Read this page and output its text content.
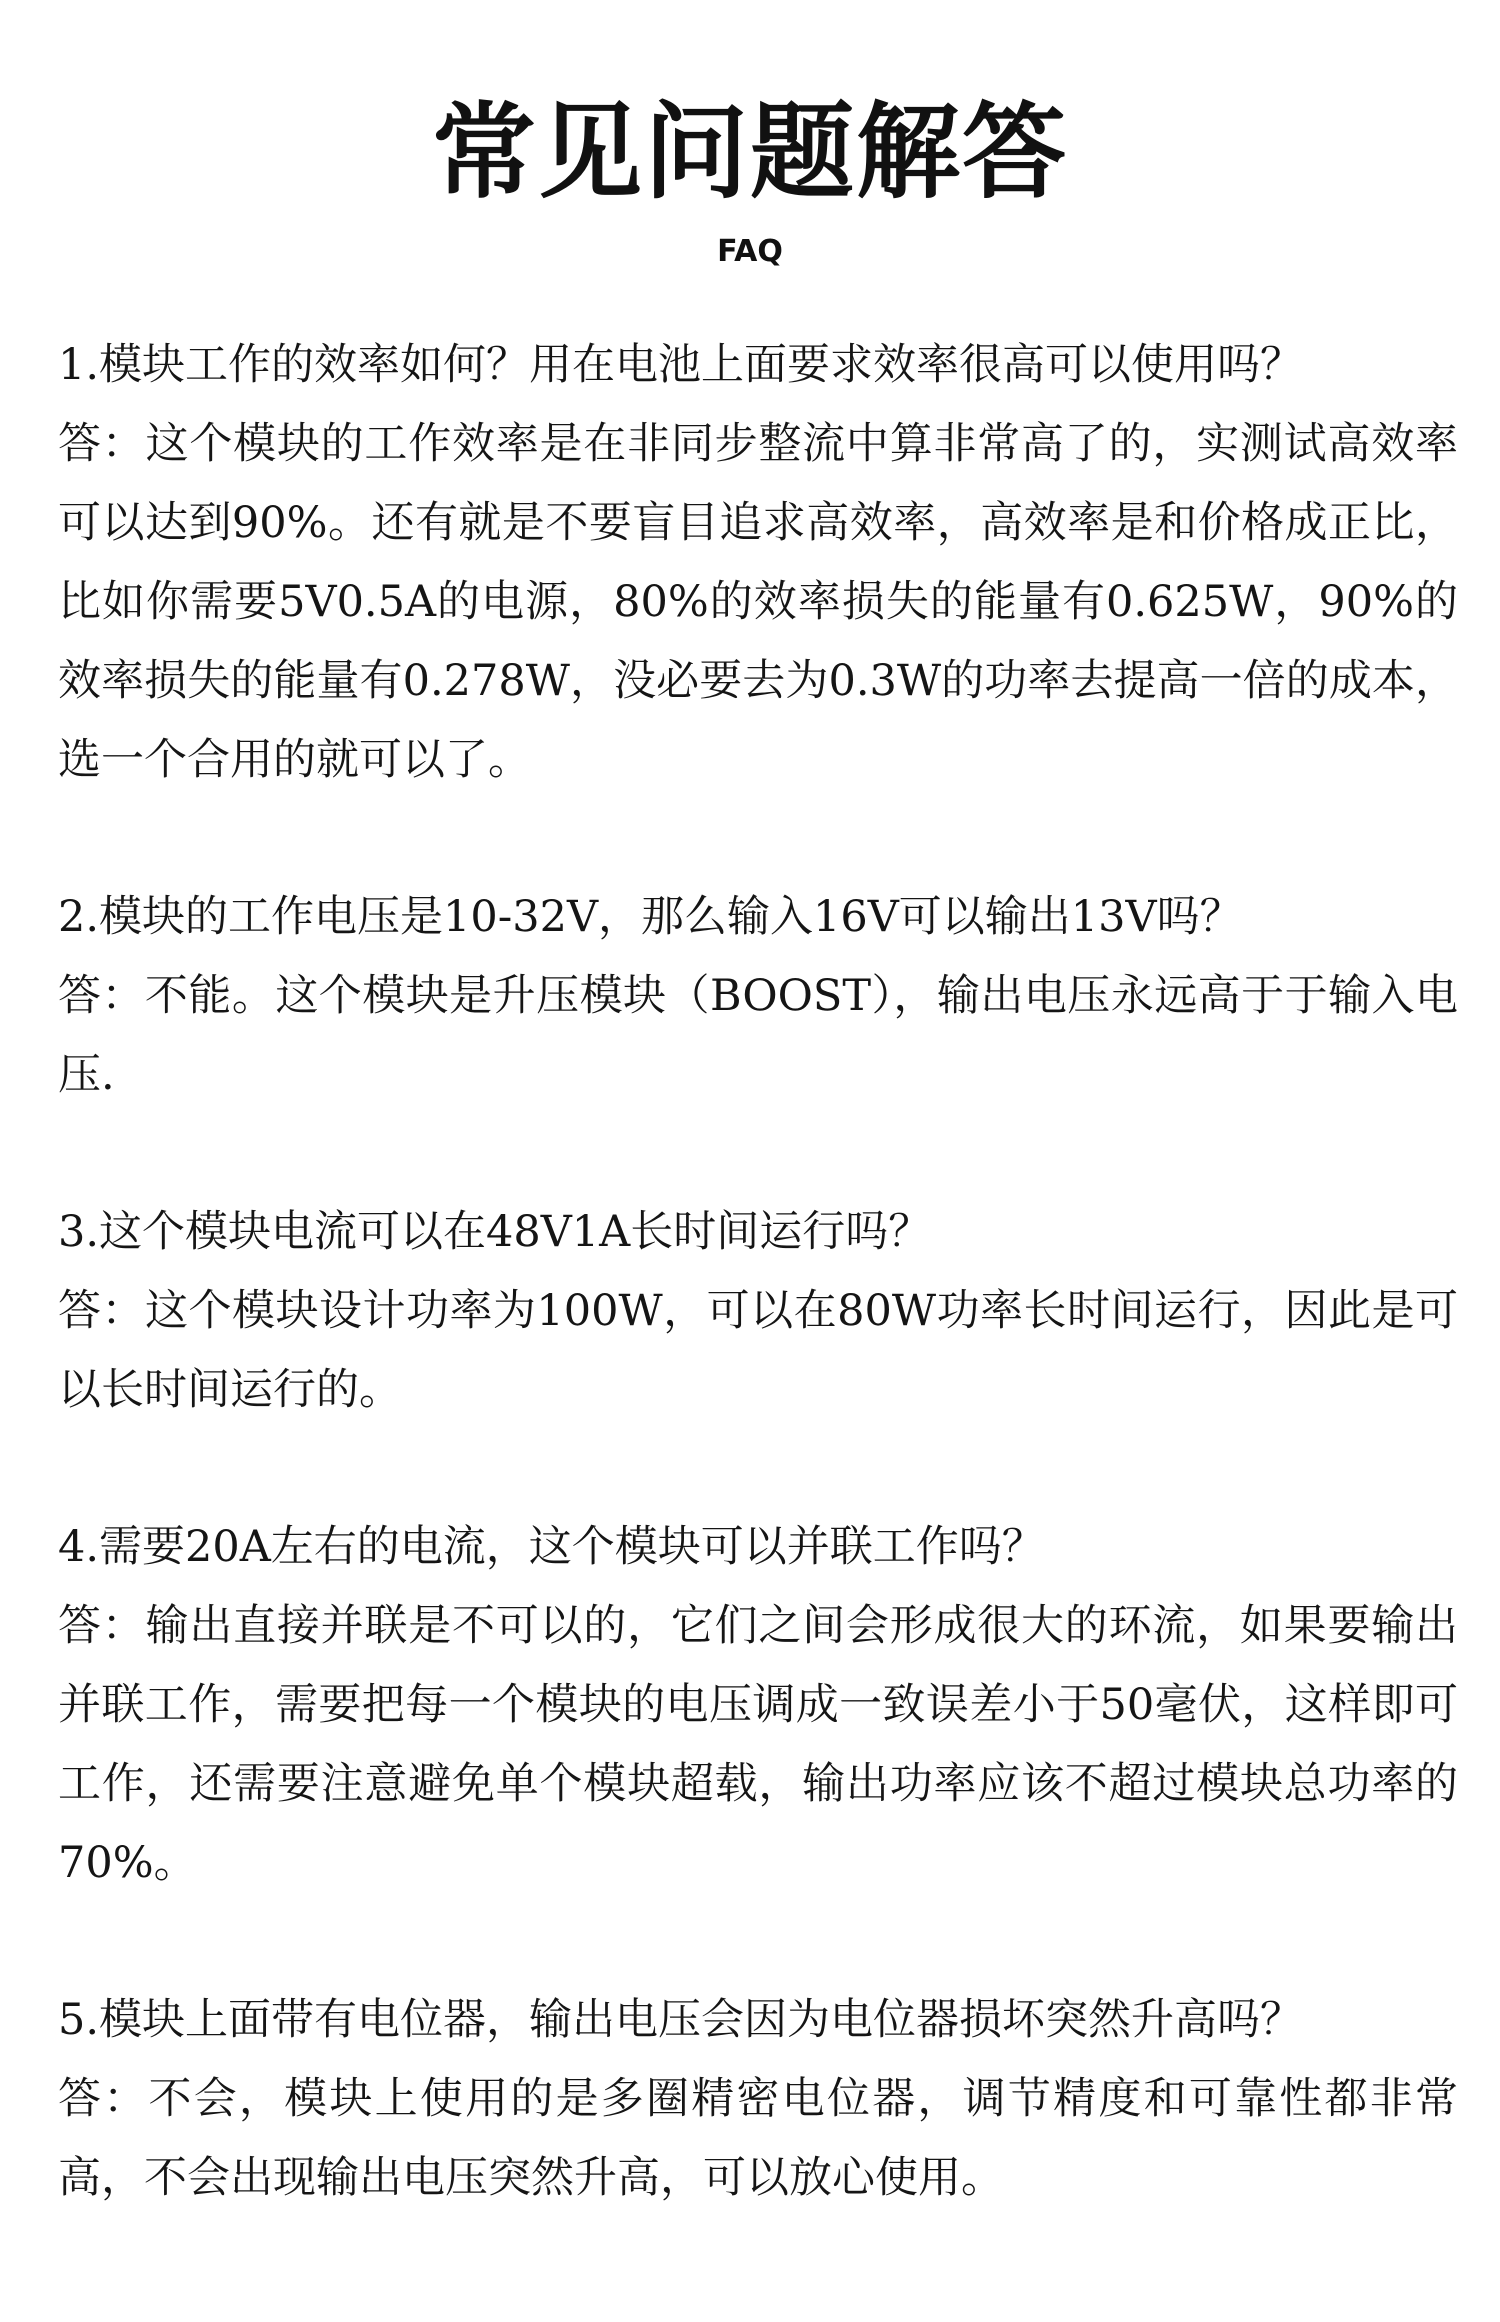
常见问题解答
FAQ

1.模块工作的效率如何？用在电池上面要求效率很高可以使用吗？

答：这个模块的工作效率是在非同步整流中算非常高了的，实测试高效率可以达到90%。还有就是不要盲目追求高效率，高效率是和价格成正比，比如你需要5V0.5A的电源，80%的效率损失的能量有0.625W，90%的效率损失的能量有0.278W，没必要去为0.3W的功率去提高一倍的成本，选一个合用的就可以了。

2.模块的工作电压是10-32V，那么输入16V可以输出13V吗？

答：不能。这个模块是升压模块（BOOST），输出电压永远高于于输入电压.

3.这个模块电流可以在48V1A长时间运行吗？

答：这个模块设计功率为100W，可以在80W功率长时间运行，因此是可以长时间运行的。

4.需要20A左右的电流，这个模块可以并联工作吗？

答：输出直接并联是不可以的，它们之间会形成很大的环流，如果要输出并联工作，需要把每一个模块的电压调成一致误差小于50毫伏，这样即可工作，还需要注意避免单个模块超载，输出功率应该不超过模块总功率的70%。

5.模块上面带有电位器，输出电压会因为电位器损坏突然升高吗？

答：不会，模块上使用的是多圈精密电位器，调节精度和可靠性都非常高，不会出现输出电压突然升高，可以放心使用。
